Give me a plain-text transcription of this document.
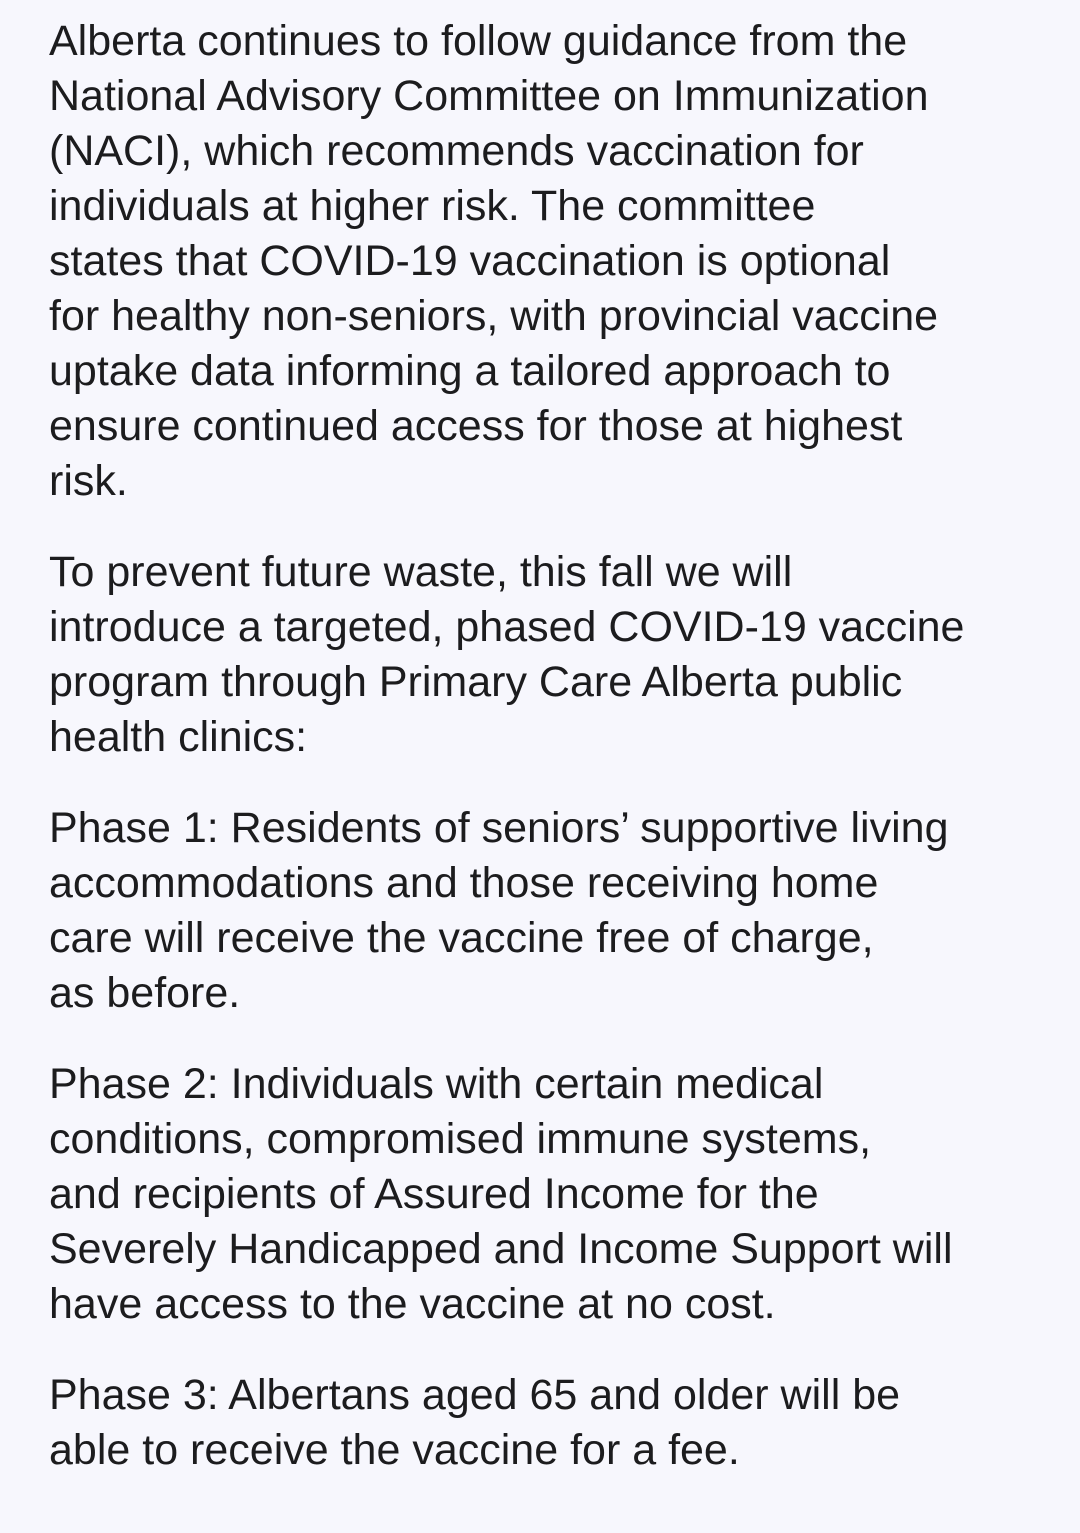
Alberta continues to follow guidance from the
National Advisory Committee on Immunization
(NACI), which recommends vaccination for
individuals at higher risk. The committee
states that COVID-19 vaccination is optional
for healthy non-seniors, with provincial vaccine
uptake data informing a tailored approach to
ensure continued access for those at highest
risk.

To prevent future waste, this fall we will
introduce a targeted, phased COVID-19 vaccine
program through Primary Care Alberta public
health clinics:

Phase 1: Residents of seniors’ supportive living
accommodations and those receiving home
care will receive the vaccine free of charge,
as before.

Phase 2: Individuals with certain medical
conditions, compromised immune systems,
and recipients of Assured Income for the
Severely Handicapped and Income Support will
have access to the vaccine at no cost.

Phase 3: Albertans aged 65 and older will be
able to receive the vaccine for a fee.
